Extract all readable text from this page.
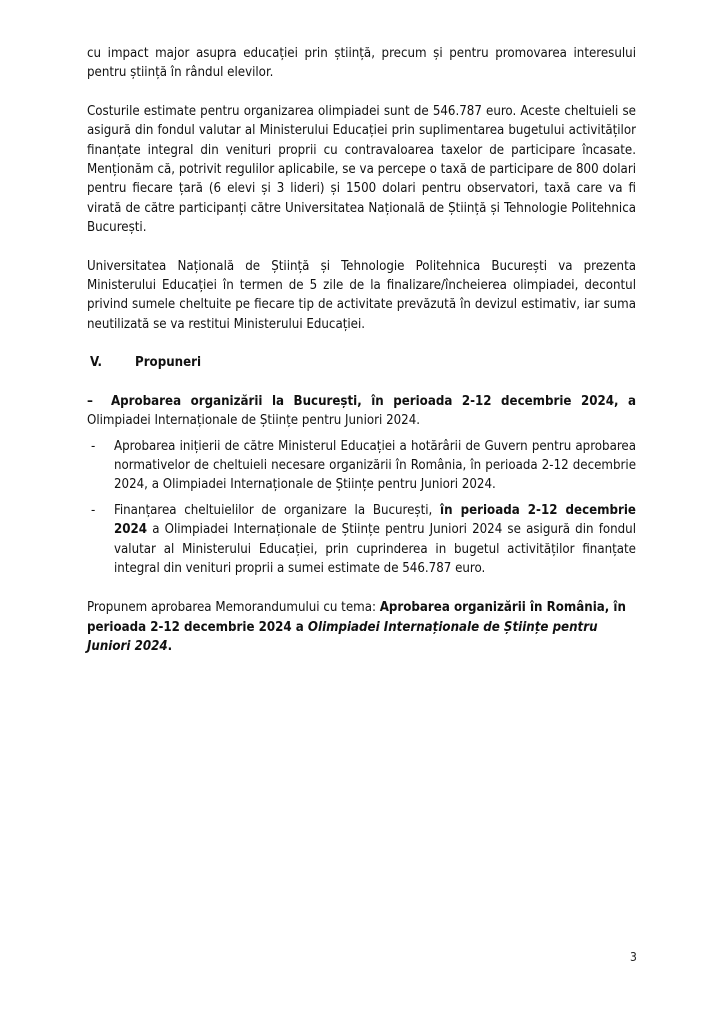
cu impact major asupra educației prin știință, precum și pentru promovarea interesului pentru știință în rândul elevilor.

Costurile estimate pentru organizarea olimpiadei sunt de 546.787 euro. Aceste cheltuieli se asigură din fondul valutar al Ministerului Educației prin suplimentarea bugetului activităților finanțate integral din venituri proprii cu contravaloarea taxelor de participare încasate. Menționăm că, potrivit regulilor aplicabile, se va percepe o taxă de participare de 800 dolari pentru fiecare țară (6 elevi și 3 lideri) și 1500 dolari pentru observatori, taxă care va fi virată de către participanți către Universitatea Națională de Știință și Tehnologie Politehnica București.

Universitatea Națională de Știință și Tehnologie Politehnica București va prezenta Ministerului Educației în termen de 5 zile de la finalizare/încheierea olimpiadei, decontul privind sumele cheltuite pe fiecare tip de activitate prevăzută în devizul estimativ, iar suma neutilizată se va restitui Ministerului Educației.

V.	Propuneri

– Aprobarea organizării la București, în perioada 2-12 decembrie 2024, a Olimpiadei Internaționale de Științe pentru Juniori 2024.

- Aprobarea inițierii de către Ministerul Educației a hotărârii de Guvern pentru aprobarea normativelor de cheltuieli necesare organizării în România, în perioada 2-12 decembrie 2024, a Olimpiadei Internaționale de Științe pentru Juniori 2024.

- Finanțarea cheltuielilor de organizare la București, în perioada 2-12 decembrie 2024 a Olimpiadei Internaționale de Științe pentru Juniori 2024 se asigură din fondul valutar al Ministerului Educației, prin cuprinderea in bugetul activităților finanțate integral din venituri proprii a sumei estimate de 546.787 euro.

Propunem aprobarea Memorandumului cu tema: Aprobarea organizării în România, în perioada 2-12 decembrie 2024 a Olimpiadei Internaționale de Științe pentru Juniori 2024.

3
